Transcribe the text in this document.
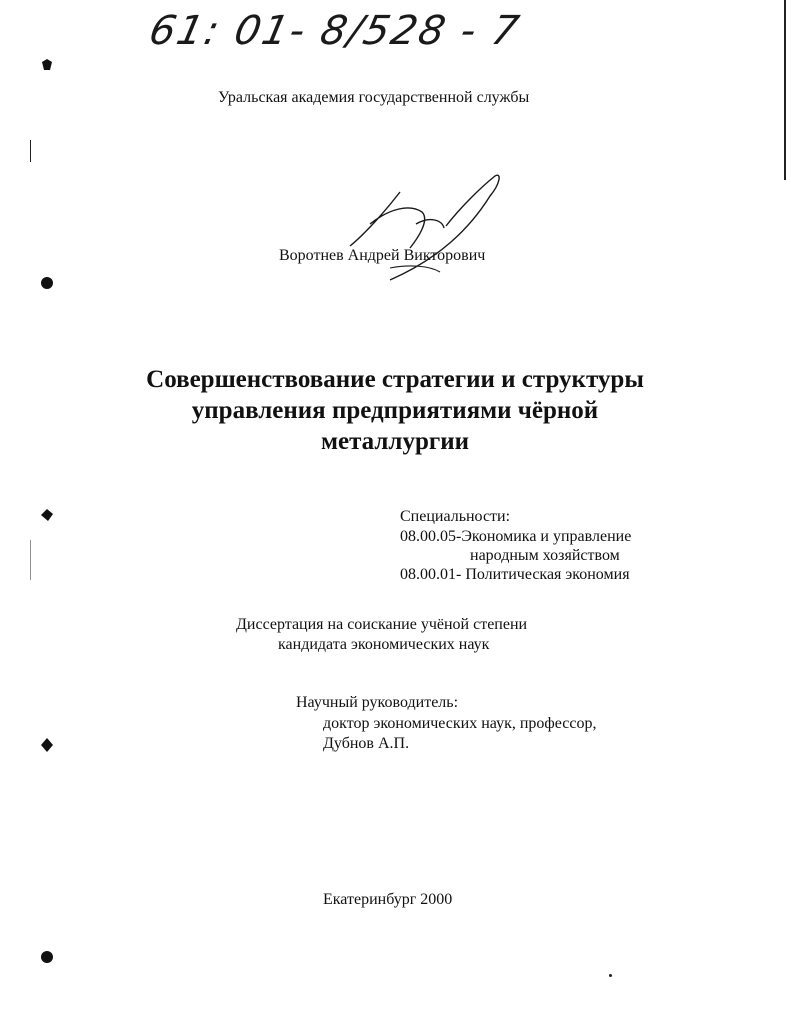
61: 01- 8/528 - 7
Уральская академия государственной службы
Воротнев Андрей Викторович
Совершенствование стратегии и структуры
управления предприятиями чёрной
металлургии
Специальности:
08.00.05-Экономика и управление
народным хозяйством
08.00.01- Политическая экономия
Диссертация на соискание учёной степени
кандидата экономических наук
Научный руководитель:
доктор экономических наук, профессор,
Дубнов А.П.
Екатеринбург 2000
